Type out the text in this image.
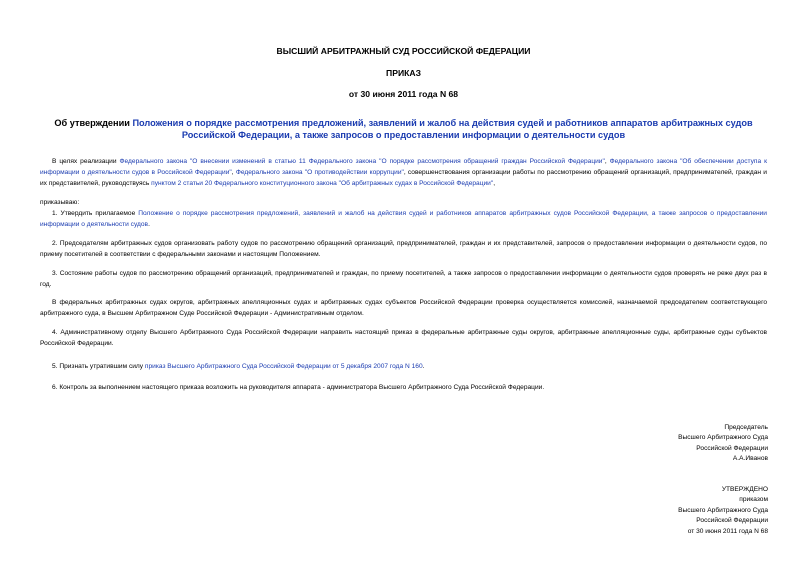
ВЫСШИЙ АРБИТРАЖНЫЙ СУД РОССИЙСКОЙ ФЕДЕРАЦИИ
ПРИКАЗ
от 30 июня 2011 года N 68
Об утверждении Положения о порядке рассмотрения предложений, заявлений и жалоб на действия судей и работников аппаратов арбитражных судов Российской Федерации, а также запросов о предоставлении информации о деятельности судов
В целях реализации Федерального закона "О внесении изменений в статью 11 Федерального закона "О порядке рассмотрения обращений граждан Российской Федерации", Федерального закона "Об обеспечении доступа к информации о деятельности судов в Российской Федерации", Федерального закона "О противодействии коррупции", совершенствования организации работы по рассмотрению обращений организаций, предпринимателей, граждан и их представителей, руководствуясь пунктом 2 статьи 20 Федерального конституционного закона "Об арбитражных судах в Российской Федерации",
приказываю:
1. Утвердить прилагаемое Положение о порядке рассмотрения предложений, заявлений и жалоб на действия судей и работников аппаратов арбитражных судов Российской Федерации, а также запросов о предоставлении информации о деятельности судов.
2. Председателям арбитражных судов организовать работу судов по рассмотрению обращений организаций, предпринимателей, граждан и их представителей, запросов о предоставлении информации о деятельности судов, по приему посетителей в соответствии с федеральными законами и настоящим Положением.
3. Состояние работы судов по рассмотрению обращений организаций, предпринимателей и граждан, по приему посетителей, а также запросов о предоставлении информации о деятельности судов проверять не реже двух раз в год.
В федеральных арбитражных судах округов, арбитражных апелляционных судах и арбитражных судах субъектов Российской Федерации проверка осуществляется комиссией, назначаемой председателем соответствующего арбитражного суда, в Высшем Арбитражном Суде Российской Федерации - Административным отделом.
4. Административному отделу Высшего Арбитражного Суда Российской Федерации направить настоящий приказ в федеральные арбитражные суды округов, арбитражные апелляционные суды, арбитражные суды субъектов Российской Федерации.
5. Признать утратившим силу приказ Высшего Арбитражного Суда Российской Федерации от 5 декабря 2007 года N 160.
6. Контроль за выполнением настоящего приказа возложить на руководителя аппарата - администратора Высшего Арбитражного Суда Российской Федерации.
Председатель
Высшего Арбитражного Суда
Российской Федерации
А.А.Иванов
УТВЕРЖДЕНО
приказом
Высшего Арбитражного Суда
Российской Федерации
от 30 июня 2011 года N 68
